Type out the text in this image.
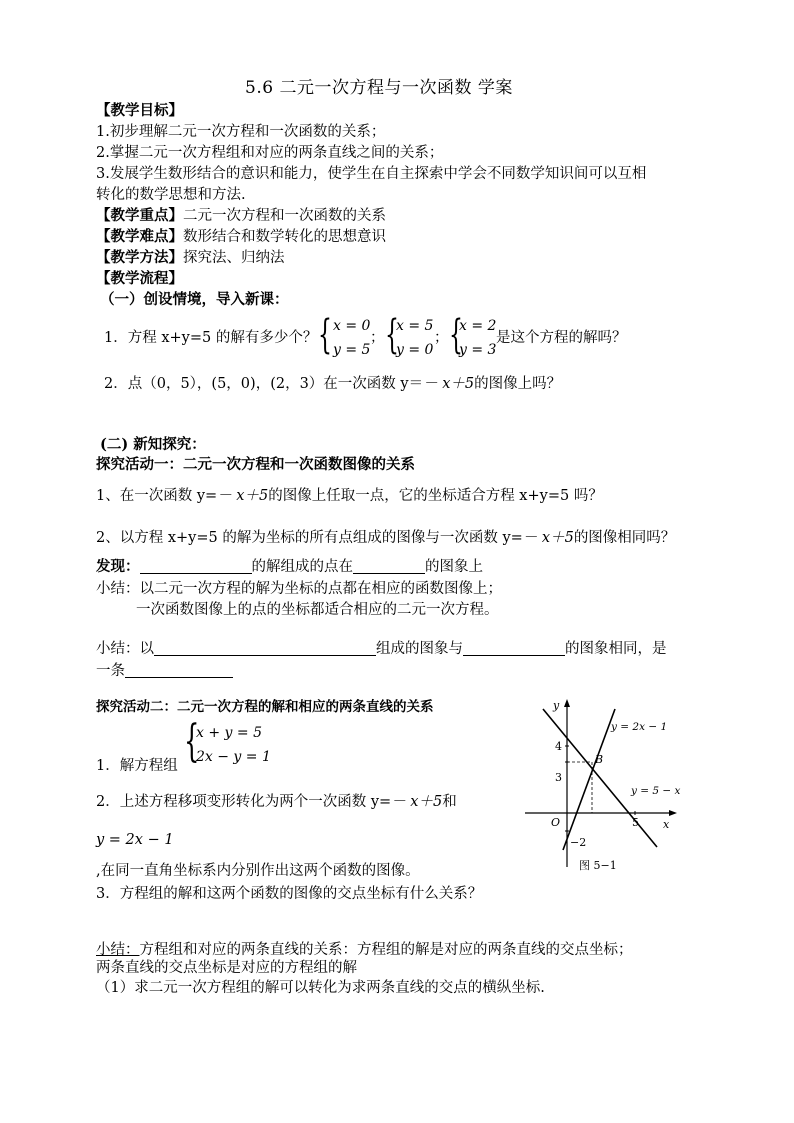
5.6 二元一次方程与一次函数 学案
【教学目标】
1.初步理解二元一次方程和一次函数的关系；
2.掌握二元一次方程组和对应的两条直线之间的关系；
3.发展学生数形结合的意识和能力，使学生在自主探索中学会不同数学知识间可以互相
转化的数学思想和方法.
【教学重点】二元一次方程和一次函数的关系
【教学难点】数形结合和数学转化的思想意识
【教学方法】探究法、归纳法
【教学流程】
（一）创设情境，导入新课：
1．方程 x+y=5 的解有多少个？ { x = 0
y = 5
； {
x = 5
y = 0
； {
x = 2
y = 3
是这个方程的解吗？
2．点（0，5），(5，0)，(2，3）在一次函数 y＝－ x＋5的图像上吗？
(二) 新知探究：
探究活动一：二元一次方程和一次函数图像的关系
1、在一次函数 y=－ x＋5的图像上任取一点，它的坐标适合方程 x+y=5 吗？
2、以方程 x+y=5 的解为坐标的所有点组成的图像与一次函数 y=－ x＋5的图像相同吗？
发现：	的解组成的点在	的图象上
小结：以二元一次方程的解为坐标的点都在相应的函数图像上；
一次函数图像上的点的坐标都适合相应的二元一次方程。
小结：以	组成的图象与	的图象相同，是
一条
探究活动二：二元一次方程的解和相应的两条直线的关系
{
x + y = 5
2x − y = 1
1．解方程组
2．上述方程移项变形转化为两个一次函数 y=－ x＋5和
y = 2x − 1
,在同一直角坐标系内分别作出这两个函数的图像。
3．方程组的解和这两个函数的图像的交点坐标有什么关系？
小结：方程组和对应的两条直线的关系：方程组的解是对应的两条直线的交点坐标；
两条直线的交点坐标是对应的方程组的解
（1）求二元一次方程组的解可以转化为求两条直线的交点的横纵坐标.
y
x
O
4
3
−2
5
B
y = 2x − 1
y = 5 − x
图 5−1
